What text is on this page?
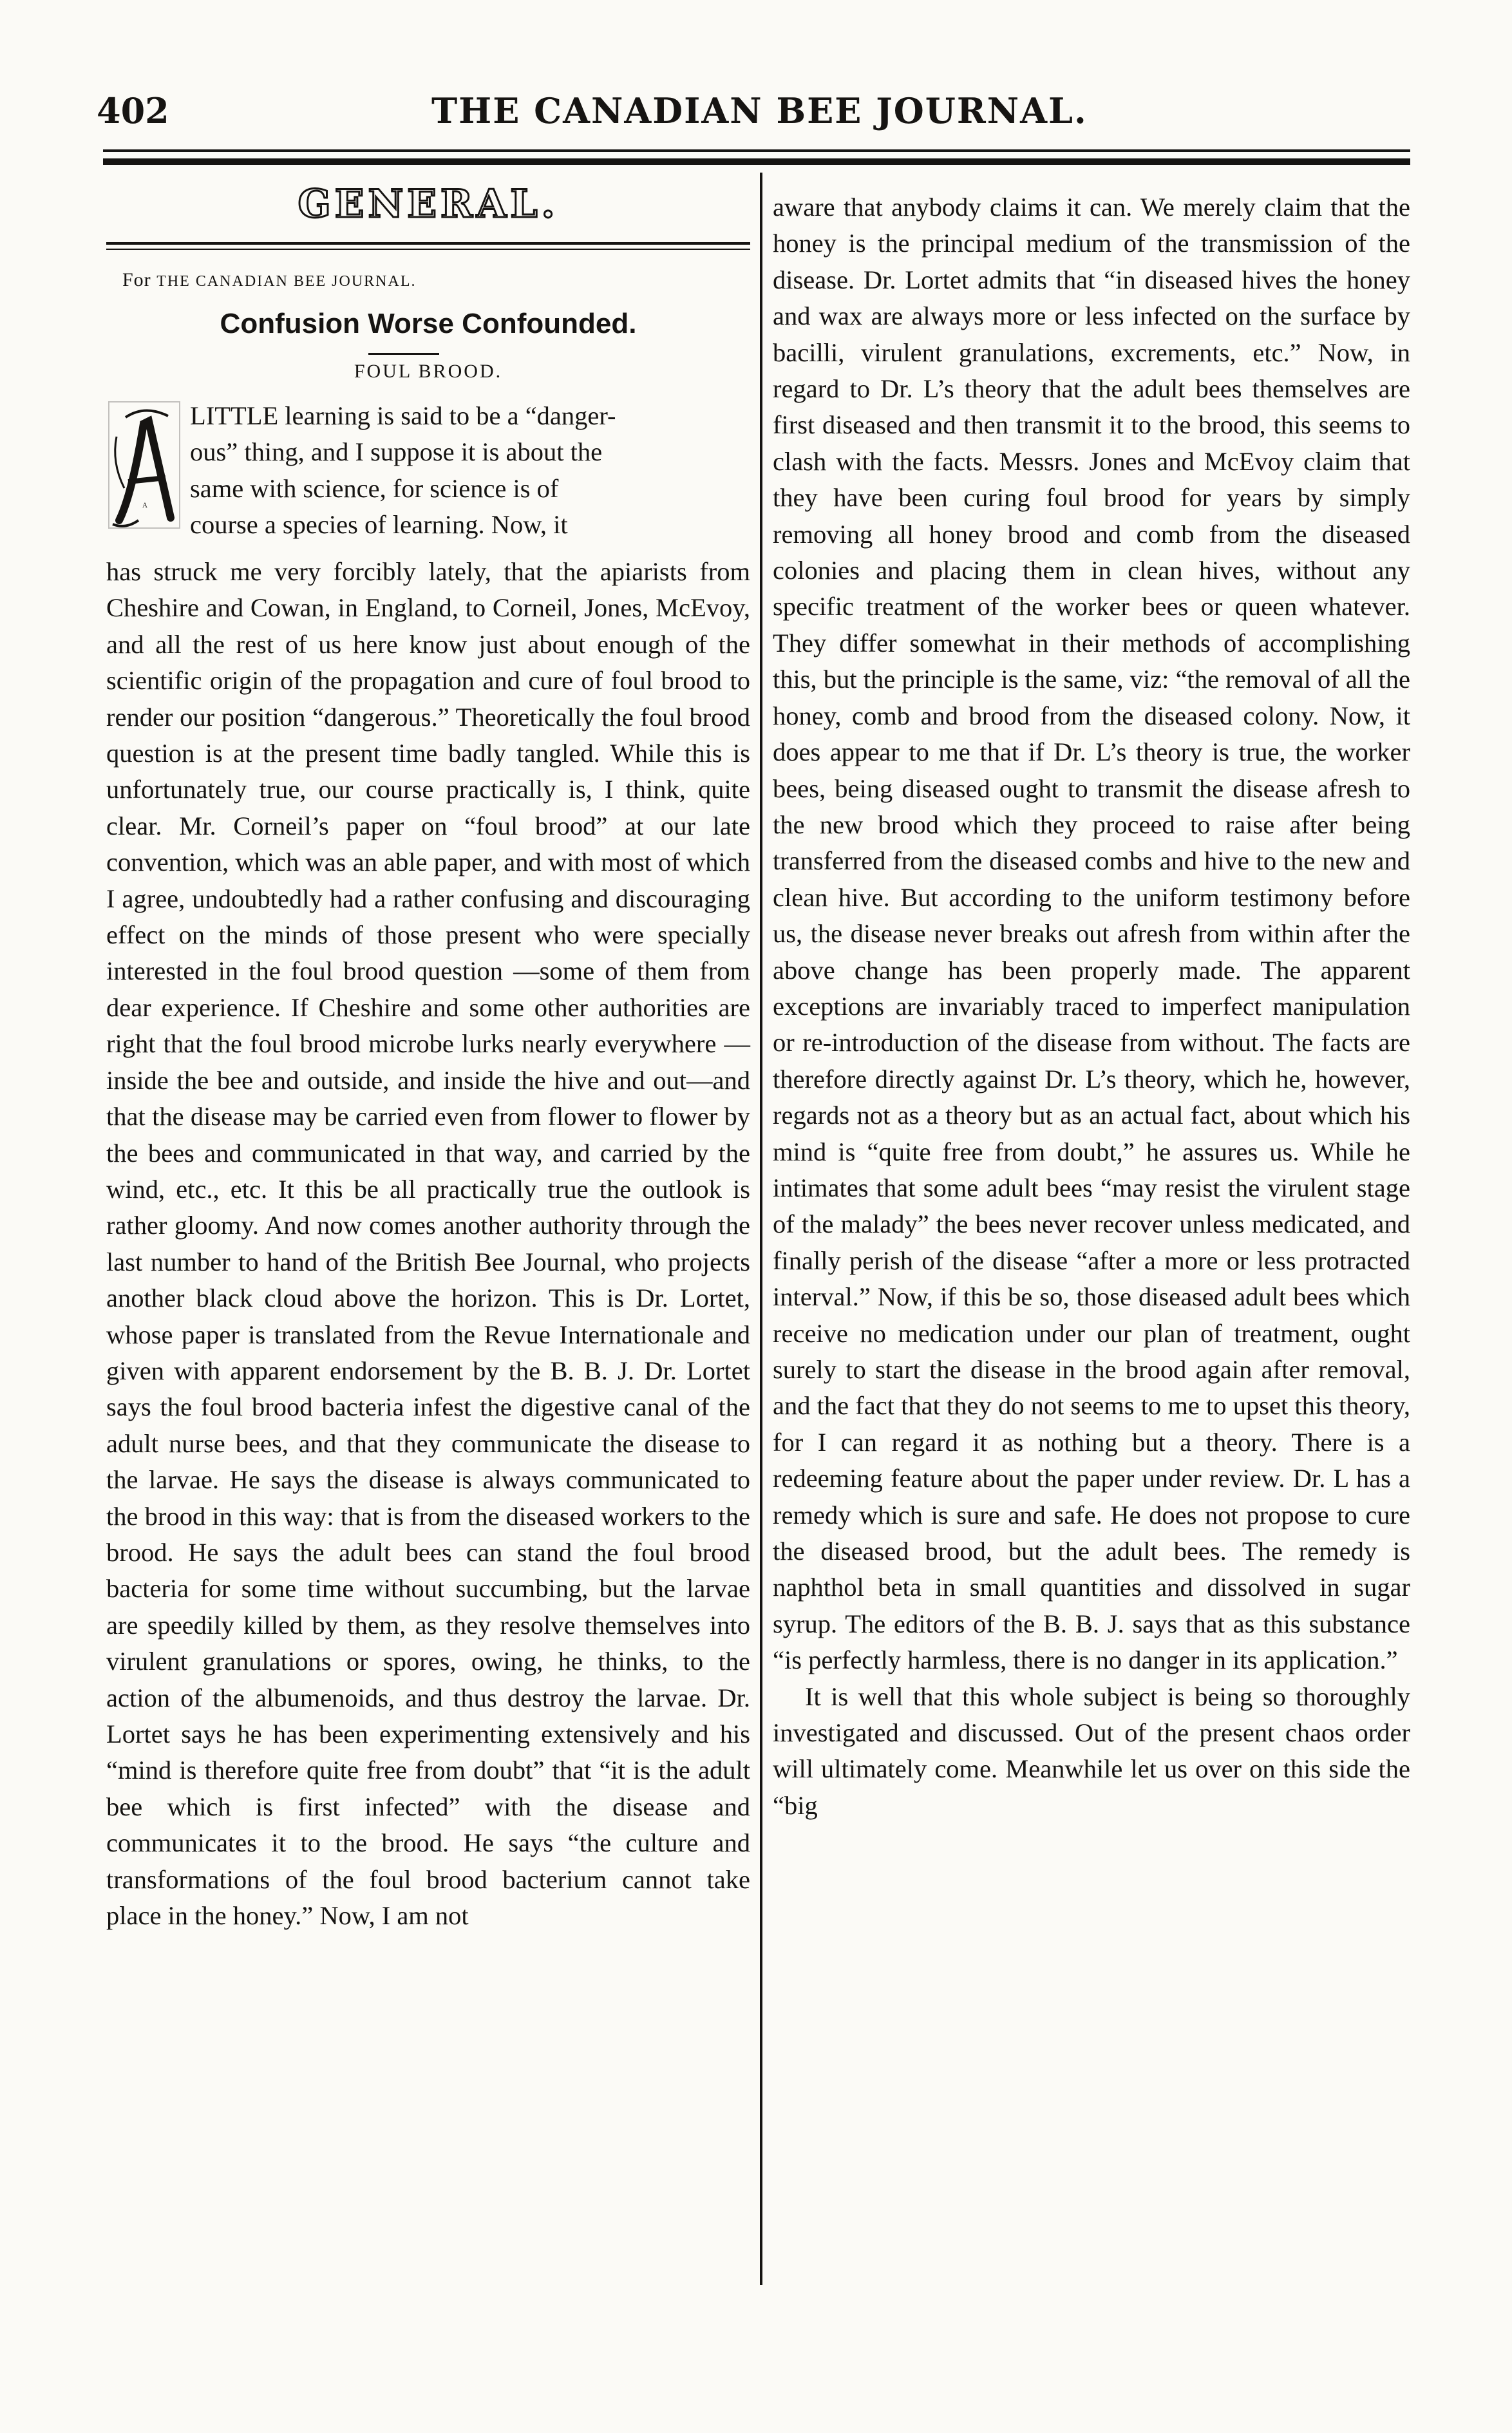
402	THE CANADIAN BEE JOURNAL.
GENERAL.
For THE CANADIAN BEE JOURNAL.
Confusion Worse Confounded.
FOUL BROOD.
A
LITTLE learning is said to be a “danger-
ous” thing, and I suppose it is about the
same with science, for science is of
course a species of learning. Now, it

has struck me very forcibly lately, that the apiarists from Cheshire and Cowan, in England, to Corneil, Jones, McEvoy, and all the rest of us here know just about enough of the scientific origin of the propagation and cure of foul brood to render our position “dangerous.” Theoretically the foul brood question is at the present time badly tangled. While this is unfortunately true, our course practically is, I think, quite clear. Mr. Corneil’s paper on “foul brood” at our late convention, which was an able paper, and with most of which I agree, undoubtedly had a rather confusing and discouraging effect on the minds of those present who were specially interested in the foul brood question —some of them from dear experience. If Cheshire and some other authorities are right that the foul brood microbe lurks nearly everywhere —inside the bee and outside, and inside the hive and out—and that the disease may be carried even from flower to flower by the bees and communicated in that way, and carried by the wind, etc., etc. It this be all practically true the outlook is rather gloomy. And now comes another authority through the last number to hand of the British Bee Journal, who projects another black cloud above the horizon. This is Dr. Lortet, whose paper is translated from the Revue Internationale and given with apparent endorsement by the B. B. J. Dr. Lortet says the foul brood bacteria infest the digestive canal of the adult nurse bees, and that they communicate the disease to the larvae. He says the disease is always communicated to the brood in this way: that is from the diseased workers to the brood. He says the adult bees can stand the foul brood bacteria for some time without succumbing, but the larvae are speedily killed by them, as they resolve themselves into virulent granulations or spores, owing, he thinks, to the action of the albumenoids, and thus destroy the larvae. Dr. Lortet says he has been experimenting extensively and his “mind is therefore quite free from doubt” that “it is the adult bee which is first infected” with the disease and communicates it to the brood. He says “the culture and transformations of the foul brood bacterium cannot take place in the honey.” Now, I am not

aware that anybody claims it can. We merely claim that the honey is the principal medium of the transmission of the disease. Dr. Lortet admits that “in diseased hives the honey and wax are always more or less infected on the surface by bacilli, virulent granulations, excrements, etc.” Now, in regard to Dr. L’s theory that the adult bees themselves are first diseased and then transmit it to the brood, this seems to clash with the facts. Messrs. Jones and McEvoy claim that they have been curing foul brood for years by simply removing all honey brood and comb from the diseased colonies and placing them in clean hives, without any specific treatment of the worker bees or queen whatever. They differ somewhat in their methods of accomplishing this, but the principle is the same, viz: “the removal of all the honey, comb and brood from the diseased colony. Now, it does appear to me that if Dr. L’s theory is true, the worker bees, being diseased ought to transmit the disease afresh to the new brood which they proceed to raise after being transferred from the diseased combs and hive to the new and clean hive. But according to the uniform testimony before us, the disease never breaks out afresh from within after the above change has been properly made. The apparent exceptions are invariably traced to imperfect manipulation or re-introduction of the disease from without. The facts are therefore directly against Dr. L’s theory, which he, however, regards not as a theory but as an actual fact, about which his mind is “quite free from doubt,” he assures us. While he intimates that some adult bees “may resist the virulent stage of the malady” the bees never recover unless medicated, and finally perish of the disease “after a more or less protracted interval.” Now, if this be so, those diseased adult bees which receive no medication under our plan of treatment, ought surely to start the disease in the brood again after removal, and the fact that they do not seems to me to upset this theory, for I can regard it as nothing but a theory. There is a redeeming feature about the paper under review. Dr. L has a remedy which is sure and safe. He does not propose to cure the diseased brood, but the adult bees. The remedy is naphthol beta in small quantities and dissolved in sugar syrup. The editors of the B. B. J. says that as this substance “is perfectly harmless, there is no danger in its application.”

It is well that this whole subject is being so thoroughly investigated and discussed. Out of the present chaos order will ultimately come. Meanwhile let us over on this side the “big
